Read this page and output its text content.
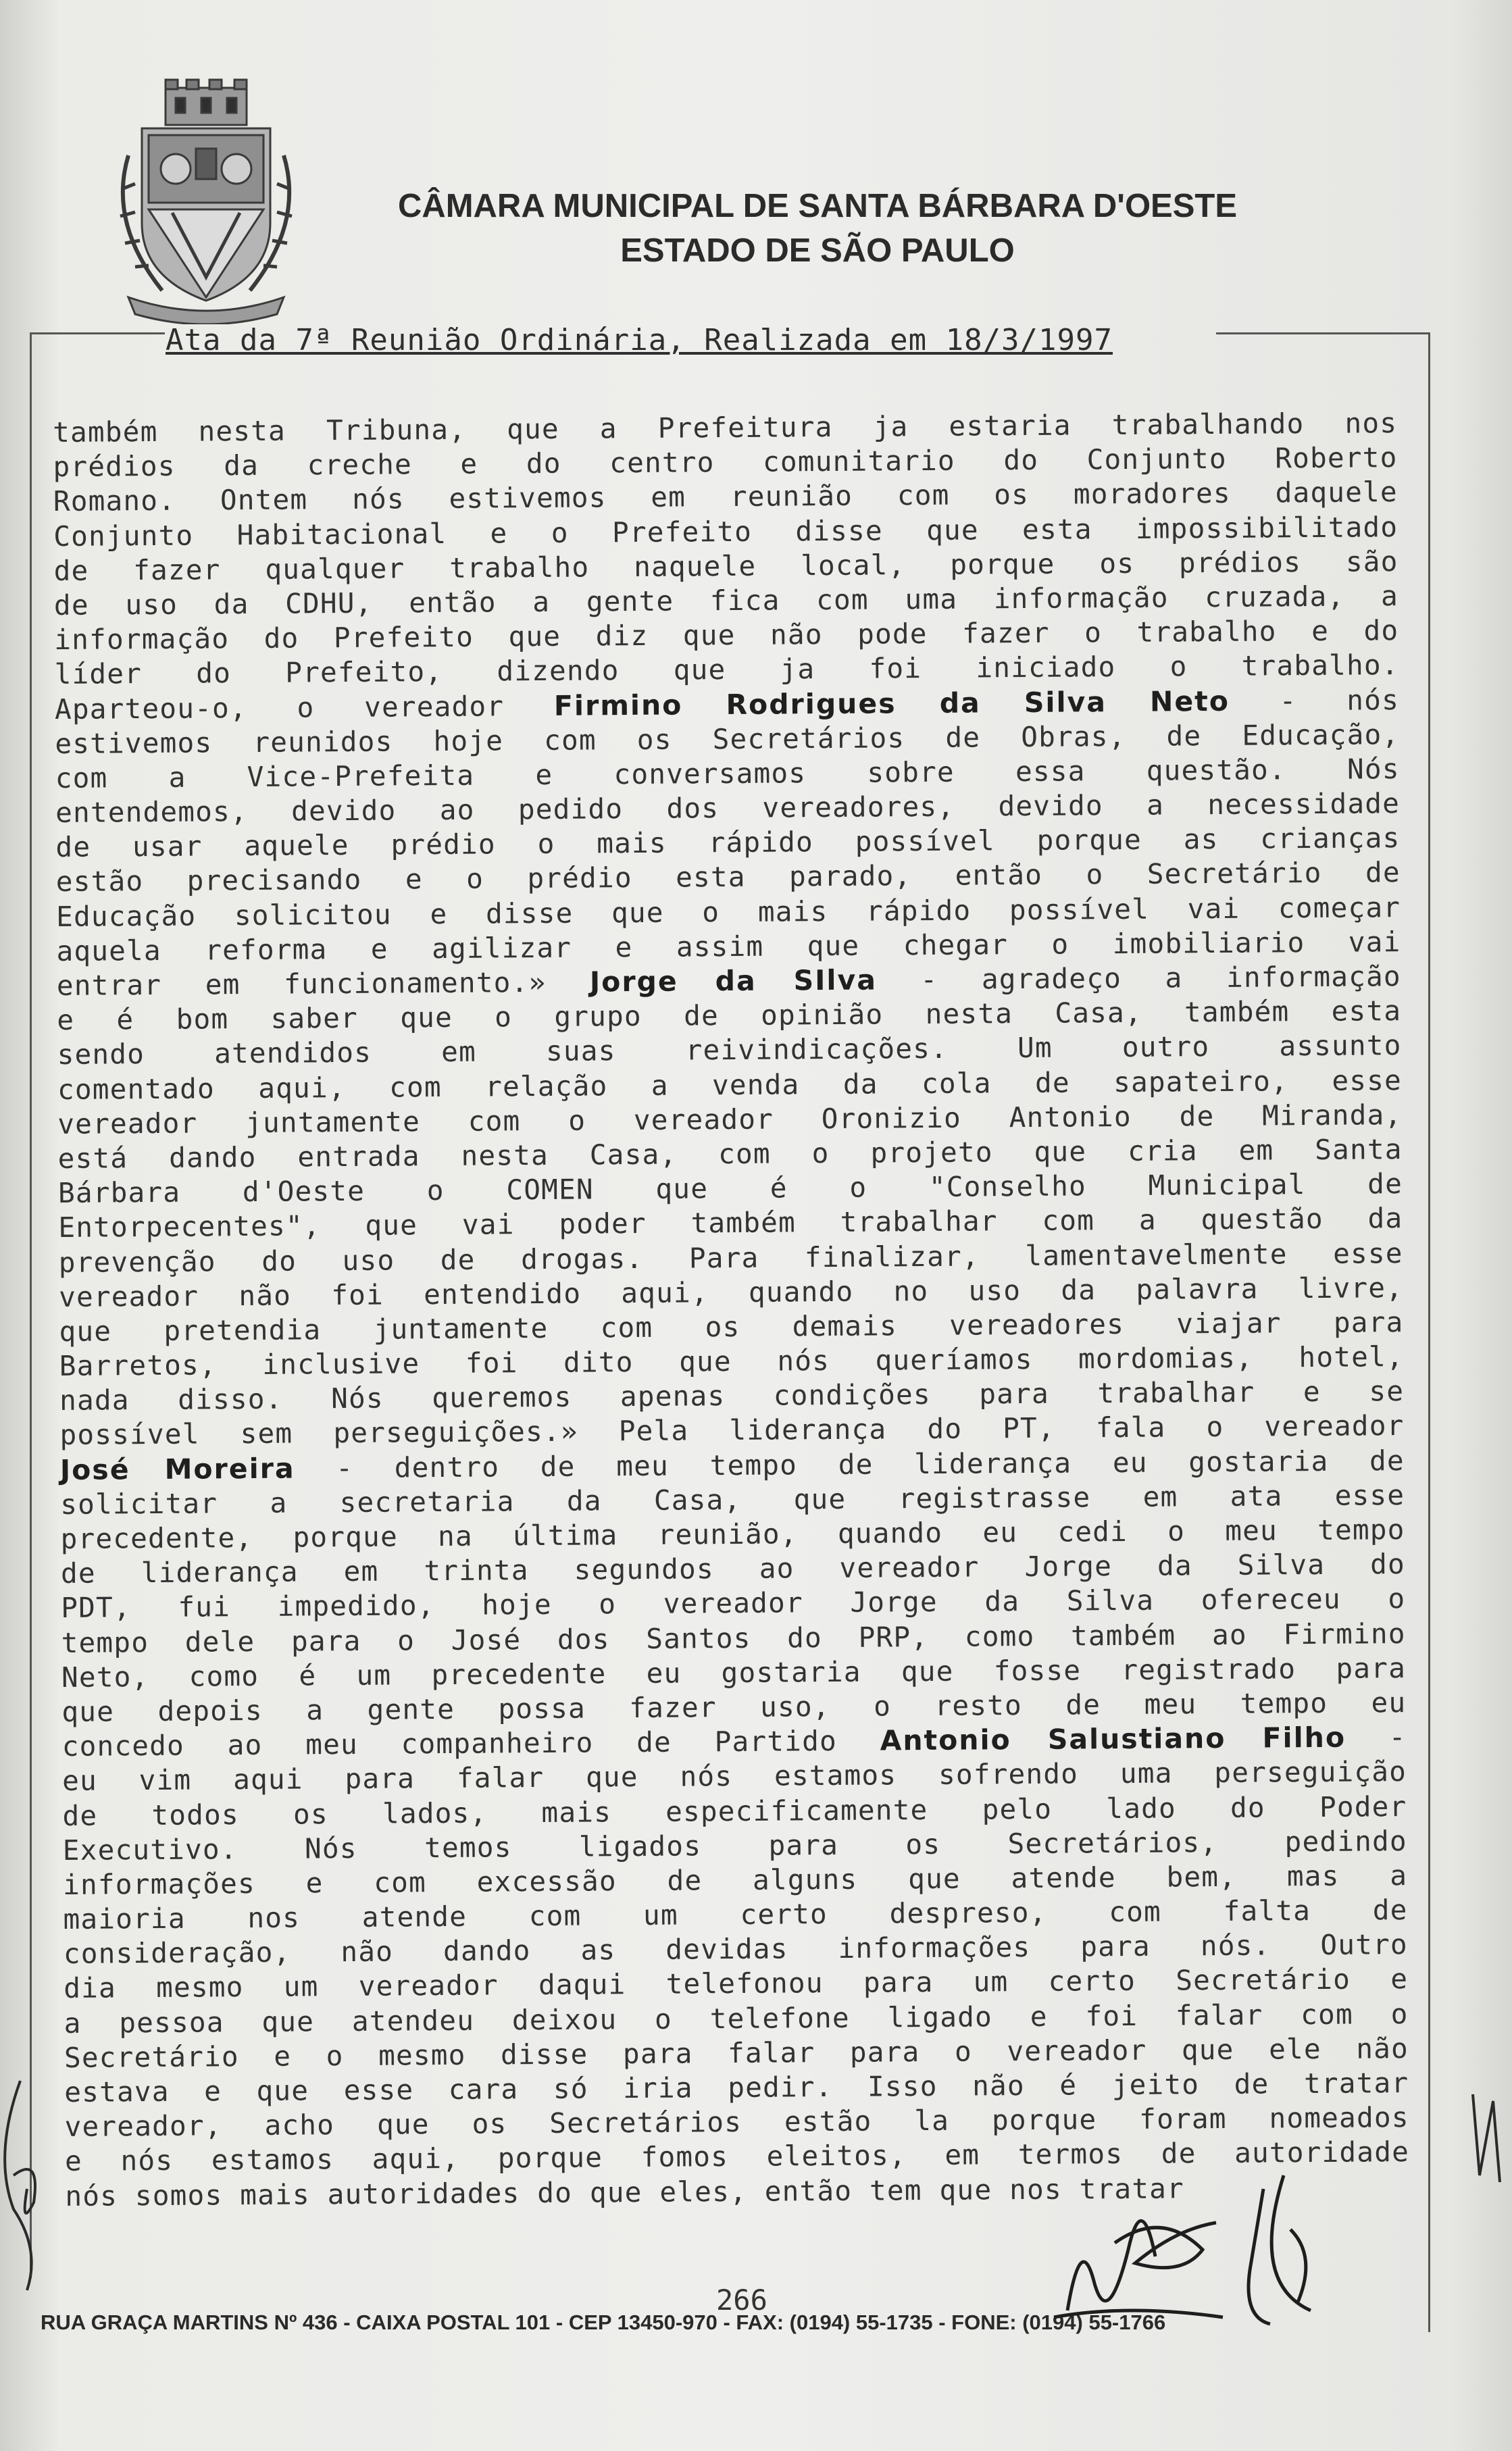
CÂMARA MUNICIPAL DE SANTA BÁRBARA D'OESTE
ESTADO DE SÃO PAULO
Ata da 7ª Reunião Ordinária, Realizada em 18/3/1997
também nesta Tribuna, que a Prefeitura ja estaria trabalhando nos
prédios da creche e do centro comunitario do Conjunto Roberto
Romano. Ontem nós estivemos em reunião com os moradores daquele
Conjunto Habitacional e o Prefeito disse que esta impossibilitado
de fazer qualquer trabalho naquele local, porque os prédios são
de uso da CDHU, então a gente fica com uma informação cruzada, a
informação do Prefeito que diz que não pode fazer o trabalho e do
líder do Prefeito, dizendo que ja foi iniciado o trabalho.
Aparteou-o, o vereador Firmino Rodrigues da Silva Neto - nós
estivemos reunidos hoje com os Secretários de Obras, de Educação,
com a Vice-Prefeita e conversamos sobre essa questão. Nós
entendemos, devido ao pedido dos vereadores, devido a necessidade
de usar aquele prédio o mais rápido possível porque as crianças
estão precisando e o prédio esta parado, então o Secretário de
Educação solicitou e disse que o mais rápido possível vai começar
aquela reforma e agilizar e assim que chegar o imobiliario vai
entrar em funcionamento.» Jorge da SIlva - agradeço a informação
e é bom saber que o grupo de opinião nesta Casa, também esta
sendo atendidos em suas reivindicações. Um outro assunto
comentado aqui, com relação a venda da cola de sapateiro, esse
vereador juntamente com o vereador Oronizio Antonio de Miranda,
está dando entrada nesta Casa, com o projeto que cria em Santa
Bárbara d'Oeste o COMEN que é o "Conselho Municipal de
Entorpecentes", que vai poder também trabalhar com a questão da
prevenção do uso de drogas. Para finalizar, lamentavelmente esse
vereador não foi entendido aqui, quando no uso da palavra livre,
que pretendia juntamente com os demais vereadores viajar para
Barretos, inclusive foi dito que nós queríamos mordomias, hotel,
nada disso. Nós queremos apenas condições para trabalhar e se
possível sem perseguições.» Pela liderança do PT, fala o vereador
José Moreira - dentro de meu tempo de liderança eu gostaria de
solicitar a secretaria da Casa, que registrasse em ata esse
precedente, porque na última reunião, quando eu cedi o meu tempo
de liderança em trinta segundos ao vereador Jorge da Silva do
PDT, fui impedido, hoje o vereador Jorge da Silva ofereceu o
tempo dele para o José dos Santos do PRP, como também ao Firmino
Neto, como é um precedente eu gostaria que fosse registrado para
que depois a gente possa fazer uso, o resto de meu tempo eu
concedo ao meu companheiro de Partido Antonio Salustiano Filho -
eu vim aqui para falar que nós estamos sofrendo uma perseguição
de todos os lados, mais especificamente pelo lado do Poder
Executivo. Nós temos ligados para os Secretários, pedindo
informações e com excessão de alguns que atende bem, mas a
maioria nos atende com um certo despreso, com falta de
consideração, não dando as devidas informações para nós. Outro
dia mesmo um vereador daqui telefonou para um certo Secretário e
a pessoa que atendeu deixou o telefone ligado e foi falar com o
Secretário e o mesmo disse para falar para o vereador que ele não
estava e que esse cara só iria pedir. Isso não é jeito de tratar
vereador, acho que os Secretários estão la porque foram nomeados
e nós estamos aqui, porque fomos eleitos, em termos de autoridade
nós somos mais autoridades do que eles, então tem que nos tratar
266
RUA GRAÇA MARTINS Nº 436 - CAIXA POSTAL 101 - CEP 13450-970 - FAX: (0194) 55-1735 - FONE: (0194) 55-1766
